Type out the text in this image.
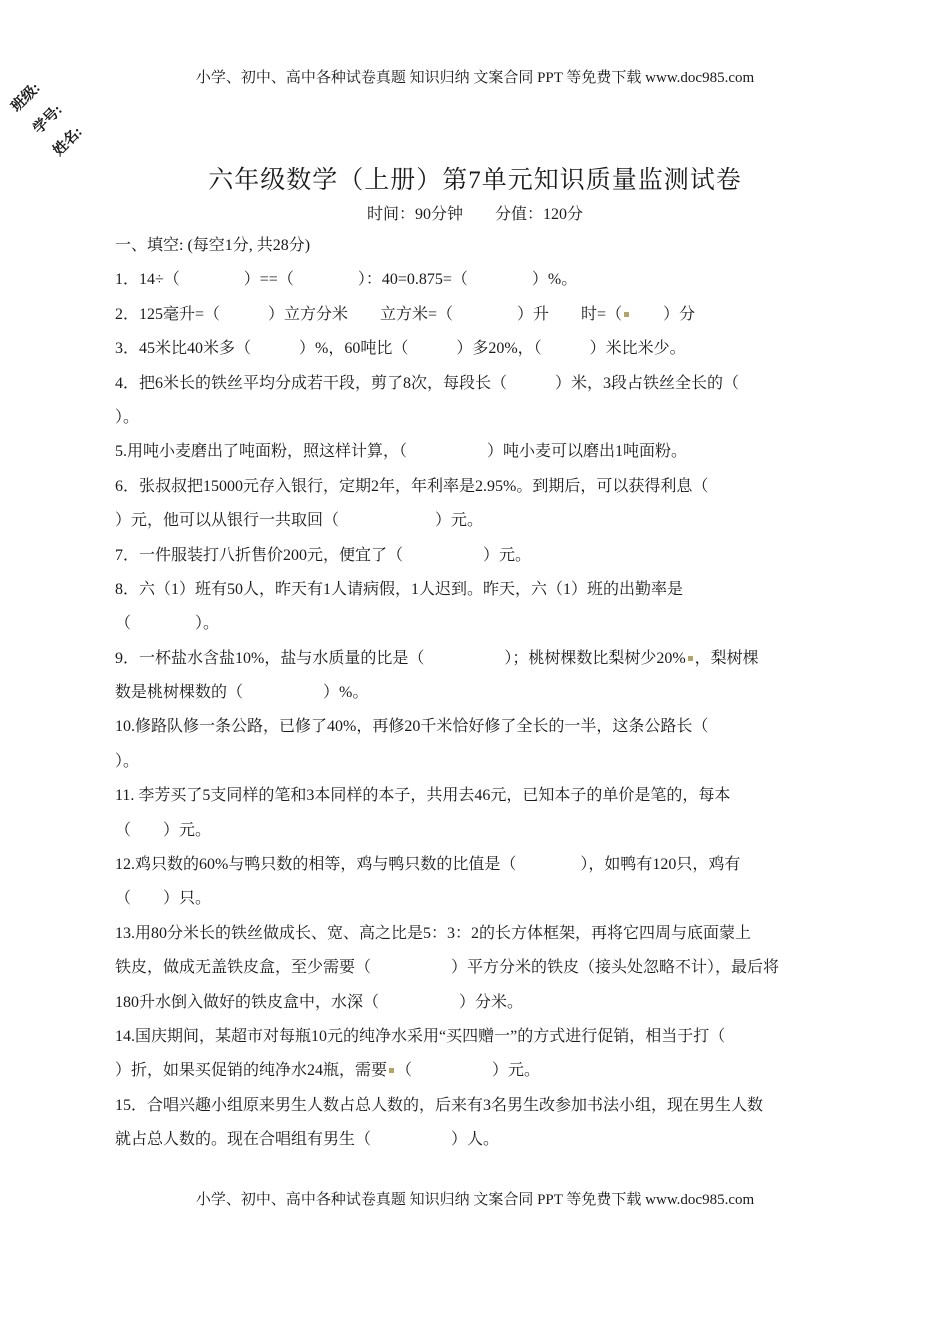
小学、初中、高中各种试卷真题 知识归纳 文案合同 PPT 等免费下载 www.doc985.com
班级:
学号:
姓名:
六年级数学（上册）第7单元知识质量监测试卷
时间：90分钟　　分值：120分
一、填空: (每空1分, 共28分)
1．14÷（　　　　）==（　　　　）：40=0.875=（　　　　）%。
2．125毫升=（　　　）立方分米　　立方米=（　　　　）升　　时=（　　）分
3．45米比40米多（　　　）%，60吨比（　　　）多20%，（　　　）米比米少。
4．把6米长的铁丝平均分成若干段，剪了8次，每段长（　　　）米，3段占铁丝全长的（
）。
5.用吨小麦磨出了吨面粉，照这样计算，（　　　　　）吨小麦可以磨出1吨面粉。
6．张叔叔把15000元存入银行，定期2年，年利率是2.95%。到期后，可以获得利息（
）元，他可以从银行一共取回（　　　　　　）元。
7．一件服装打八折售价200元，便宜了（　　　　　）元。
8．六（1）班有50人，昨天有1人请病假，1人迟到。昨天，六（1）班的出勤率是
（　　　　）。
9．一杯盐水含盐10%，盐与水质量的比是（　　　　　）；桃树棵数比梨树少20% ，梨树棵
数是桃树棵数的（　　　　　）%。
10.修路队修一条公路，已修了40%，再修20千米恰好修了全长的一半，这条公路长（
）。
11. 李芳买了5支同样的笔和3本同样的本子，共用去46元，已知本子的单价是笔的，每本
（　　）元。
12.鸡只数的60%与鸭只数的相等，鸡与鸭只数的比值是（　　　　），如鸭有120只，鸡有
（　　）只。
13.用80分米长的铁丝做成长、宽、高之比是5：3：2的长方体框架，再将它四周与底面蒙上
铁皮，做成无盖铁皮盒，至少需要（　　　　　）平方分米的铁皮（接头处忽略不计），最后将
180升水倒入做好的铁皮盒中，水深（　　　　　）分米。
14.国庆期间，某超市对每瓶10元的纯净水采用“买四赠一”的方式进行促销，相当于打（
）折，如果买促销的纯净水24瓶，需要 （　　　　　）元。
15．合唱兴趣小组原来男生人数占总人数的，后来有3名男生改参加书法小组，现在男生人数
就占总人数的。现在合唱组有男生（　　　　　）人。
小学、初中、高中各种试卷真题 知识归纳 文案合同 PPT 等免费下载 www.doc985.com
